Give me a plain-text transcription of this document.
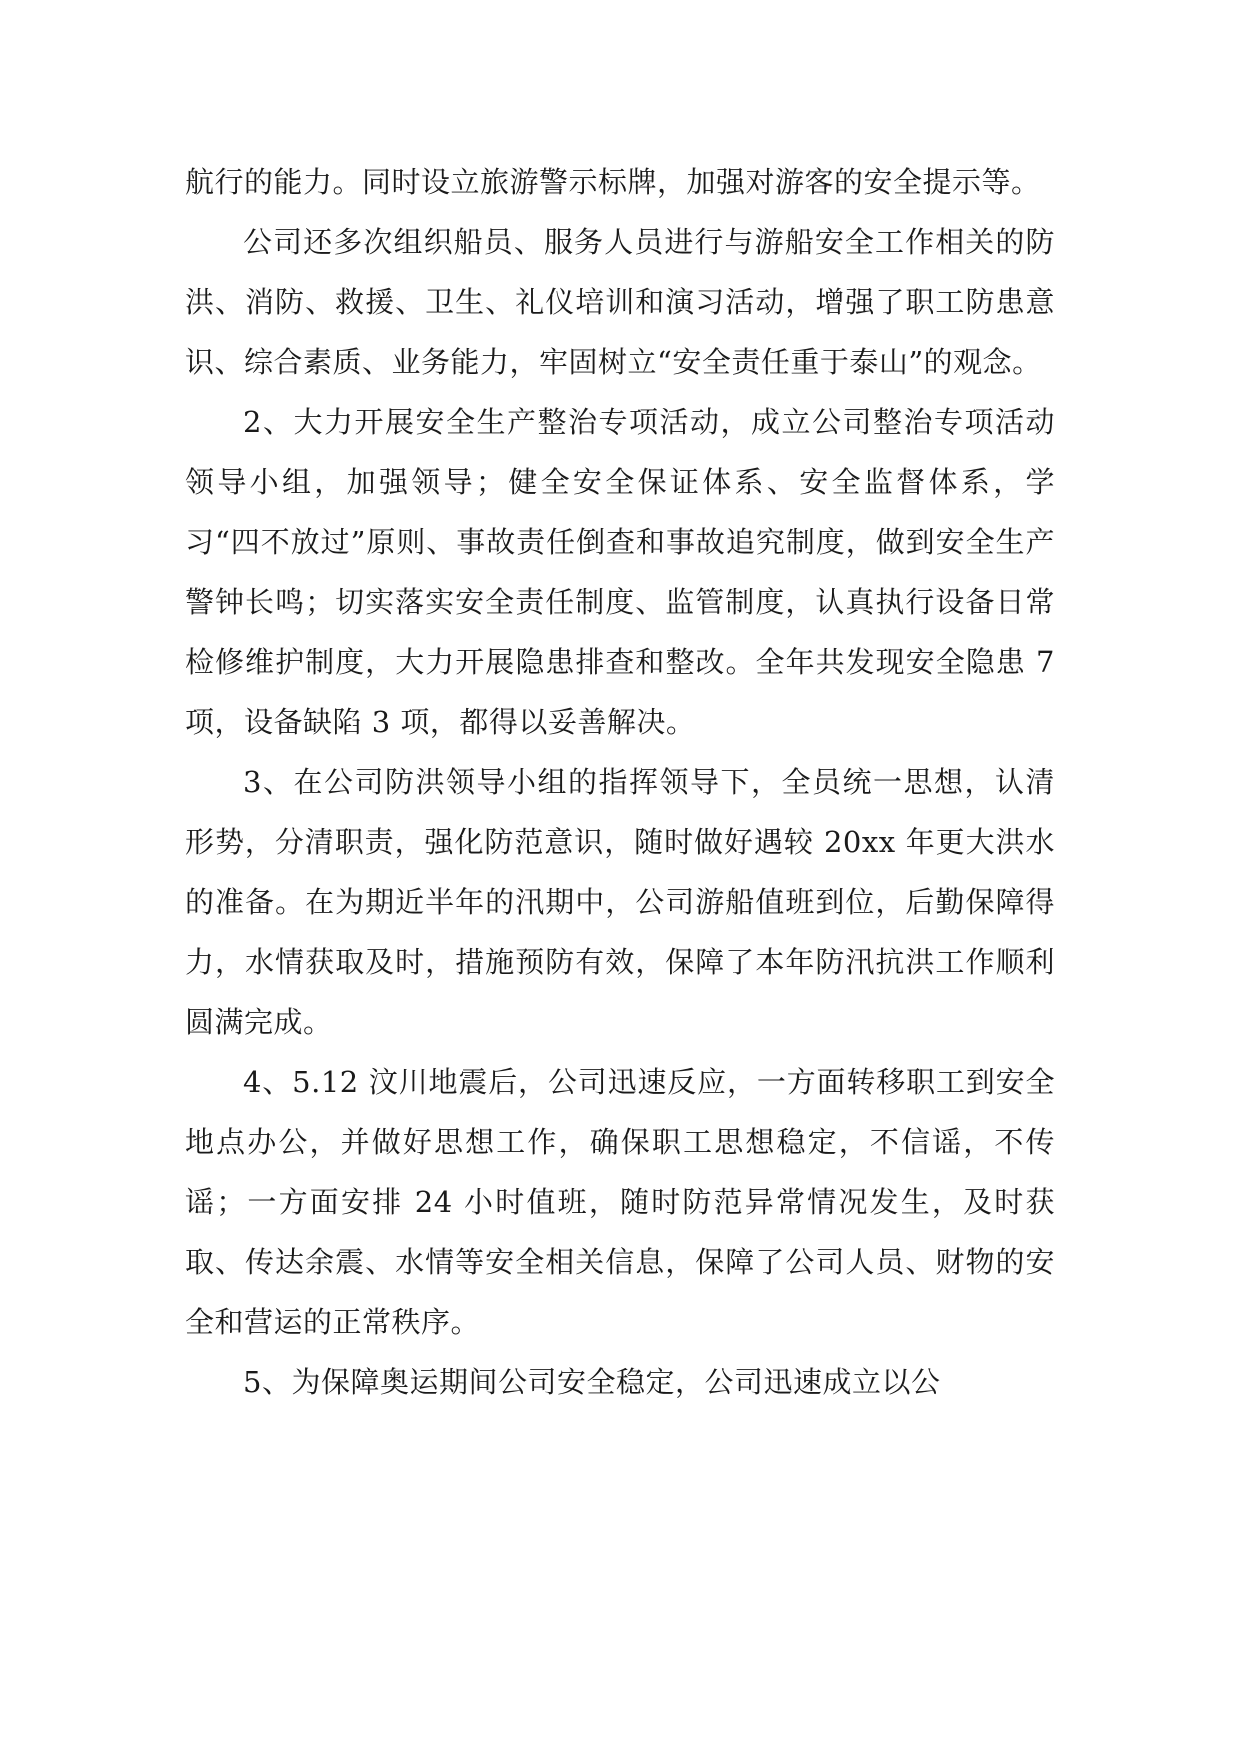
航行的能力。同时设立旅游警示标牌，加强对游客的安全提示等。

公司还多次组织船员、服务人员进行与游船安全工作相关的防洪、消防、救援、卫生、礼仪培训和演习活动，增强了职工防患意识、综合素质、业务能力，牢固树立“安全责任重于泰山”的观念。

2、大力开展安全生产整治专项活动，成立公司整治专项活动领导小组，加强领导；健全安全保证体系、安全监督体系，学习“四不放过”原则、事故责任倒查和事故追究制度，做到安全生产警钟长鸣；切实落实安全责任制度、监管制度，认真执行设备日常检修维护制度，大力开展隐患排查和整改。全年共发现安全隐患 7 项，设备缺陷 3 项，都得以妥善解决。

3、在公司防洪领导小组的指挥领导下，全员统一思想，认清形势，分清职责，强化防范意识，随时做好遇较 20xx 年更大洪水的准备。在为期近半年的汛期中，公司游船值班到位，后勤保障得力，水情获取及时，措施预防有效，保障了本年防汛抗洪工作顺利圆满完成。

4、5.12 汶川地震后，公司迅速反应，一方面转移职工到安全地点办公，并做好思想工作，确保职工思想稳定，不信谣，不传谣；一方面安排 24 小时值班，随时防范异常情况发生，及时获取、传达余震、水情等安全相关信息，保障了公司人员、财物的安全和营运的正常秩序。

5、为保障奥运期间公司安全稳定，公司迅速成立以公
